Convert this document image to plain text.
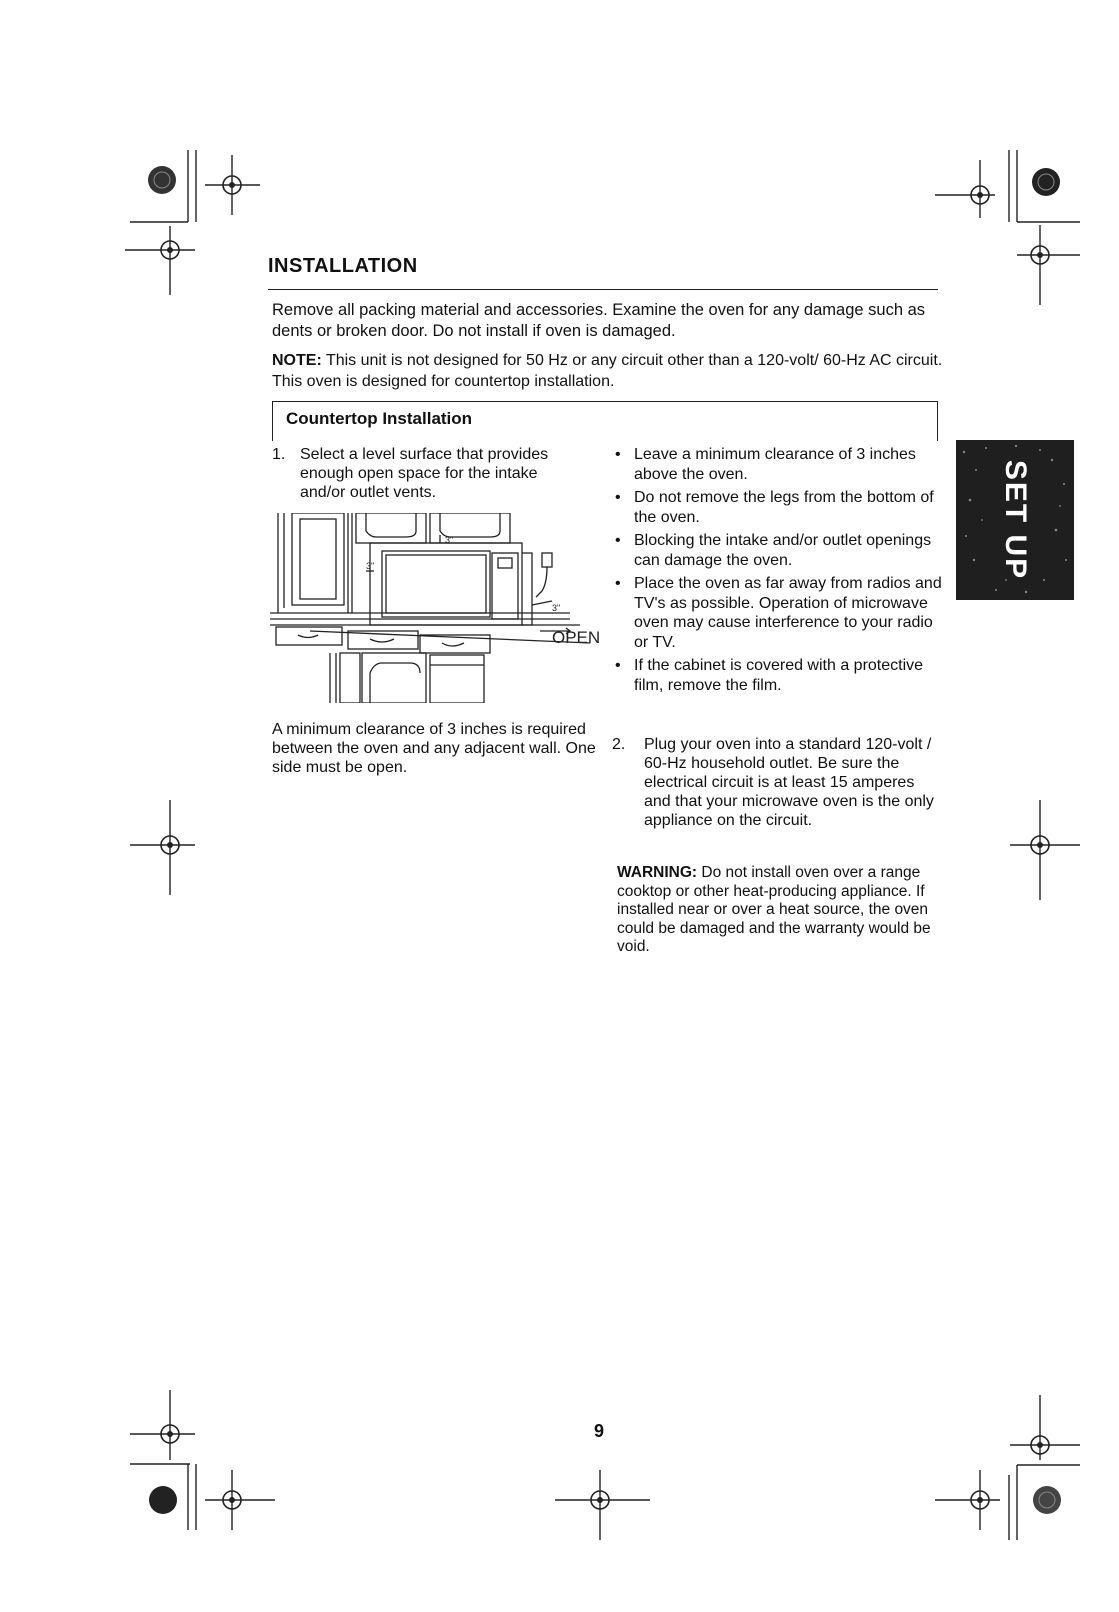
INSTALLATION
Remove all packing material and accessories. Examine the oven for any damage such as dents or broken door. Do not install if oven is damaged.
NOTE: This unit is not designed for 50 Hz or any circuit other than a 120-volt/ 60-Hz AC circuit. This oven is designed for countertop installation.
Countertop Installation
1. Select a level surface that provides enough open space for the intake and/or outlet vents.
3"
3"
3"
OPEN
A minimum clearance of 3 inches is required between the oven and any adjacent wall. One side must be open.
• Leave a minimum clearance of 3 inches above the oven.
• Do not remove the legs from the bottom of the oven.
• Blocking the intake and/or outlet openings can damage the oven.
• Place the oven as far away from radios and TV's as possible. Operation of microwave oven may cause interference to your radio or TV.
• If the cabinet is covered with a protective film, remove the film.
2. Plug your oven into a standard 120-volt / 60-Hz household outlet. Be sure the electrical circuit is at least 15 amperes and that your microwave oven is the only appliance on the circuit.
WARNING: Do not install oven over a range cooktop or other heat-producing appliance. If installed near or over a heat source, the oven could be damaged and the warranty would be void.
SET UP
9
